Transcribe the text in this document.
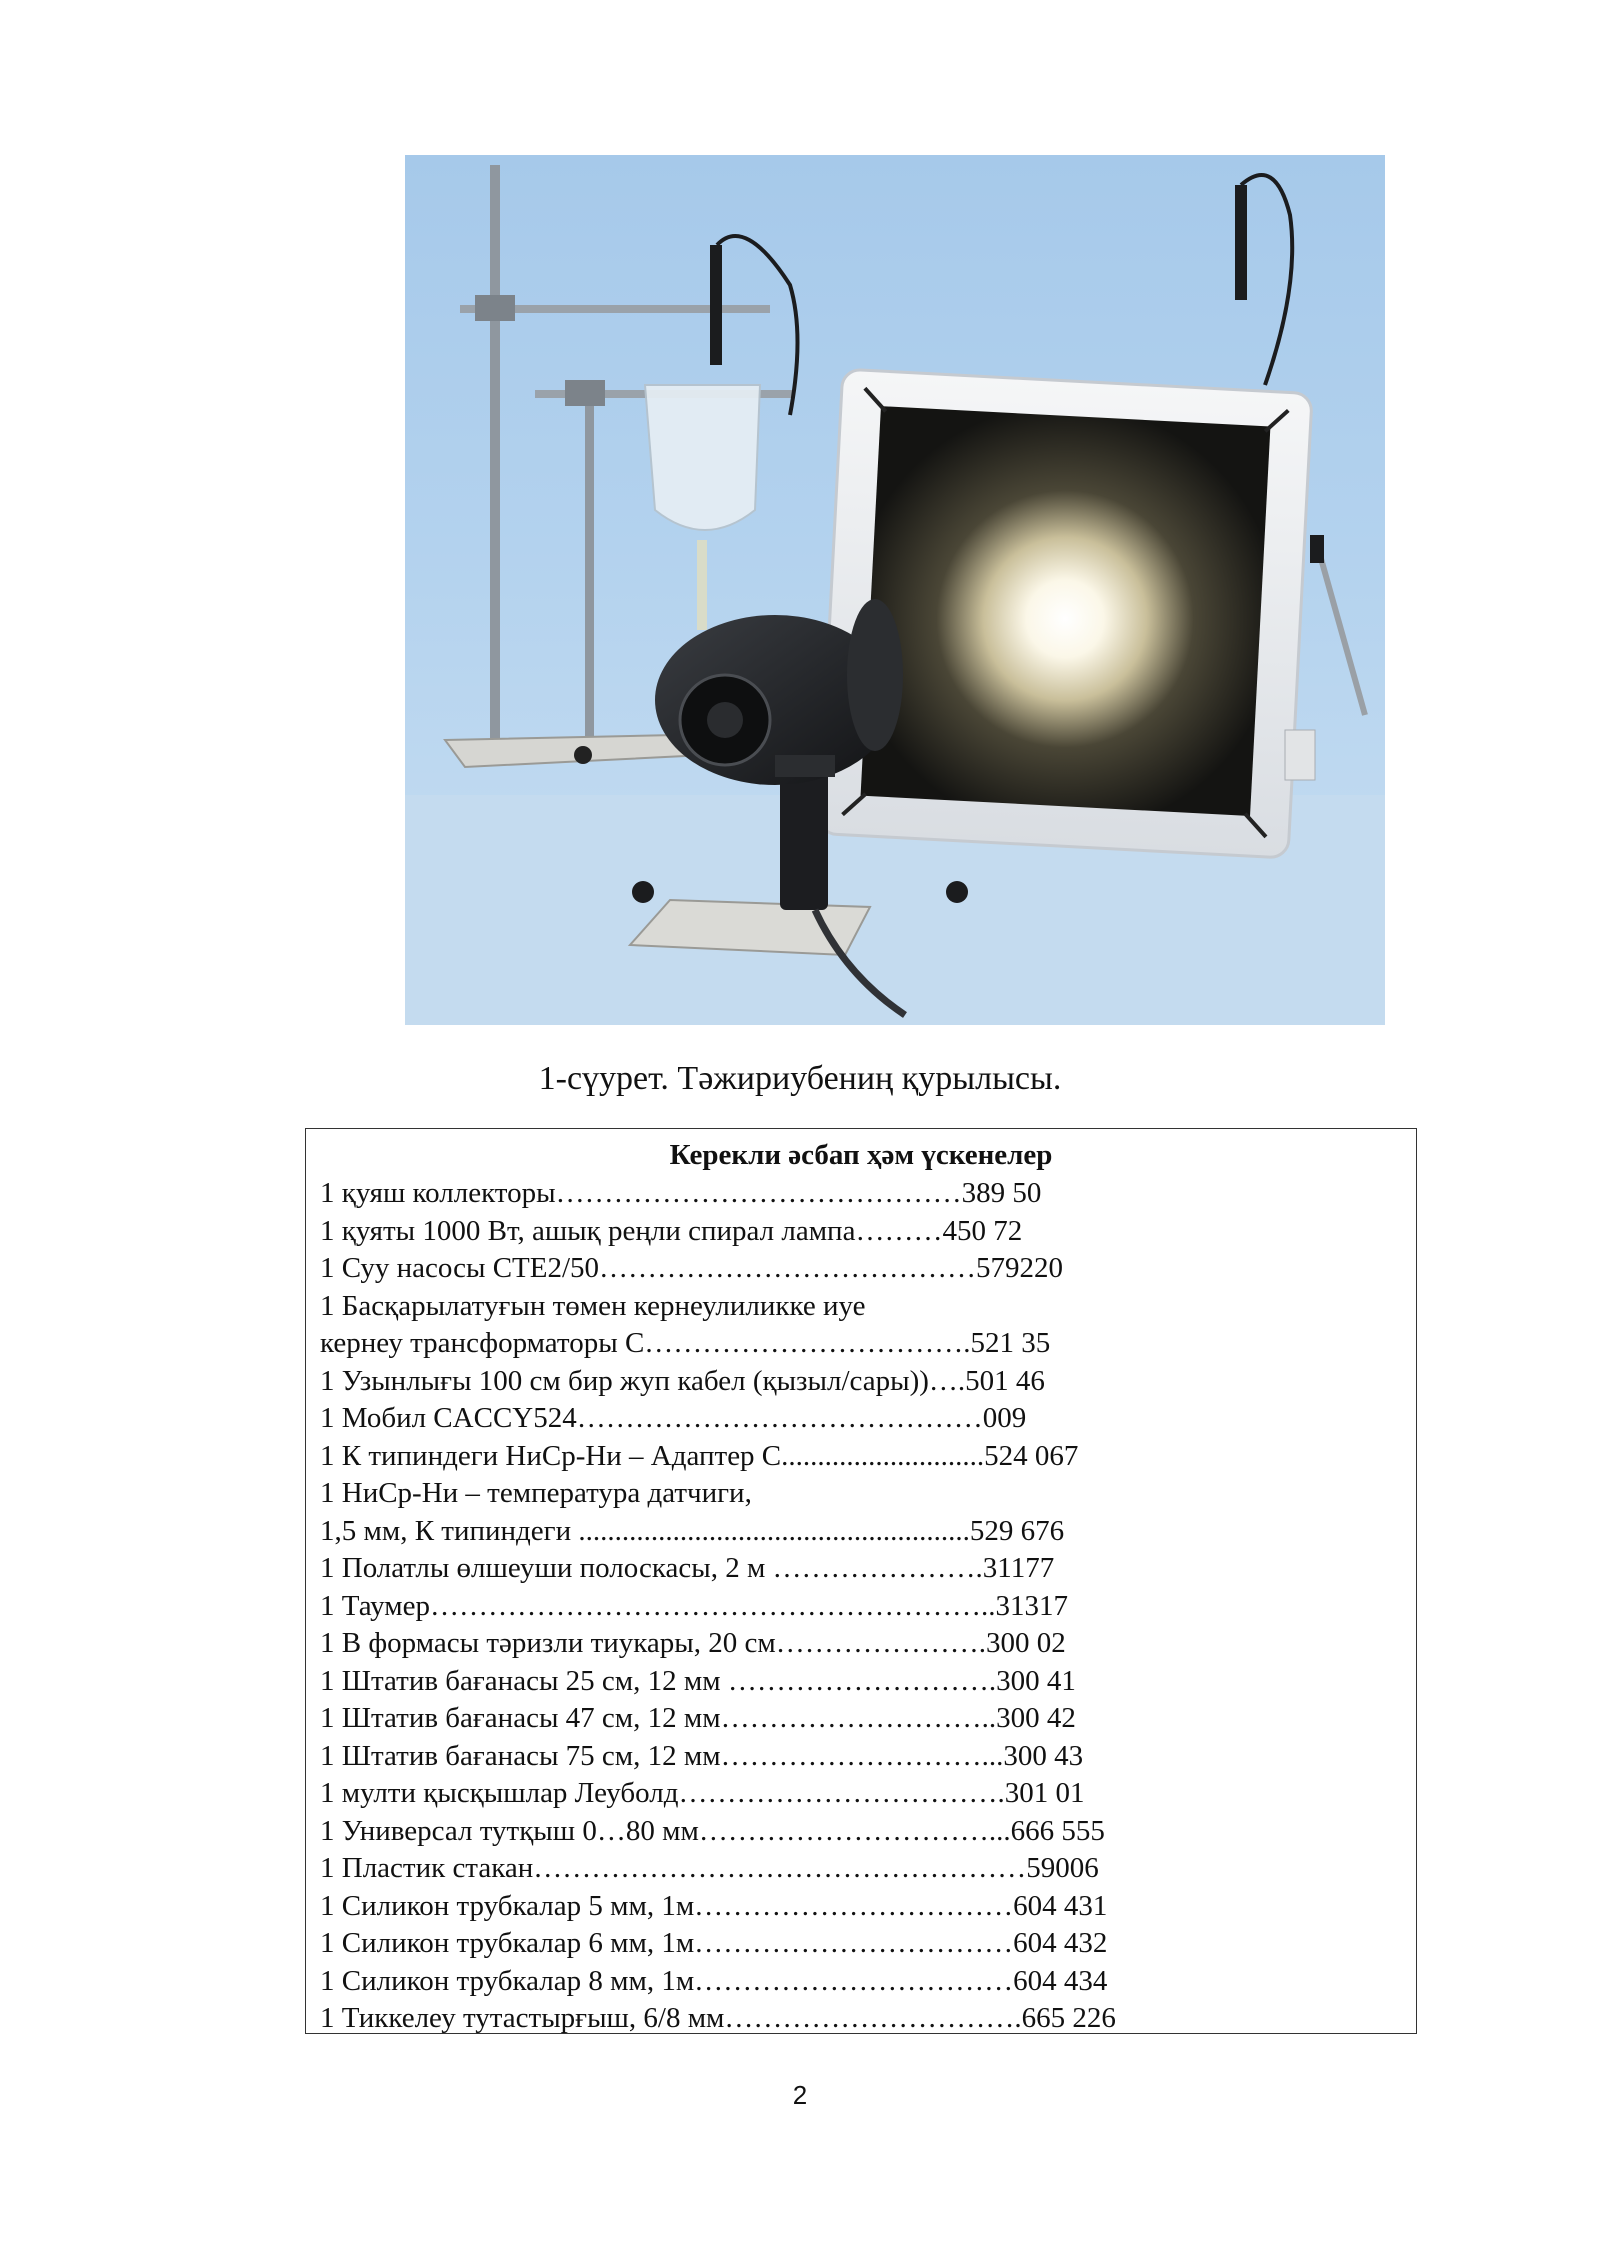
1-сүурет. Тәжириубениң қурылысы.
Керекли әсбап ҳәм үскенелер
1 қуяш коллекторы……………………………………389 50
1 қуяты 1000 Вт, ашық реңли спирал лампа………450 72
1 Суу насосы СТЕ2/50…………………………………579220
1 Басқарылатуғын төмен кернеулиликке иуе
кернеу трансформаторы С…………………………….521 35
1 Узынлығы 100 см бир жуп кабел (қызыл/сары))….501 46
1 Мобил CACCY524……………………………………009
1 К типиндеги НиСр-Ни – Адаптер С............................524 067
1 НиСр-Ни – температура датчиги,
1,5 мм, К типиндеги ......................................................529 676
1 Полатлы өлшеуши полоскасы, 2 м ………………….31177
1 Таумер…………………………………………………..31317
1 В формасы тәризли тиукары, 20 см………………….300 02
1 Штатив бағанасы 25 см, 12 мм ……………………….300 41
1 Штатив бағанасы 47 см, 12 мм………………………..300 42
1 Штатив бағанасы 75 см, 12 мм………………………...300 43
1 мулти қысқышлар Леуболд…………………………….301 01
1 Универсал тутқыш 0…80 мм…………………………...666 555
1 Пластик стакан……………………………………………59006
1 Силикон трубкалар 5 мм, 1м……………………………604 431
1 Силикон трубкалар 6 мм, 1м……………………………604 432
1 Силикон трубкалар 8 мм, 1м……………………………604 434
1 Тиккелеу тутастырғыш, 6/8 мм………………………….665 226
2
